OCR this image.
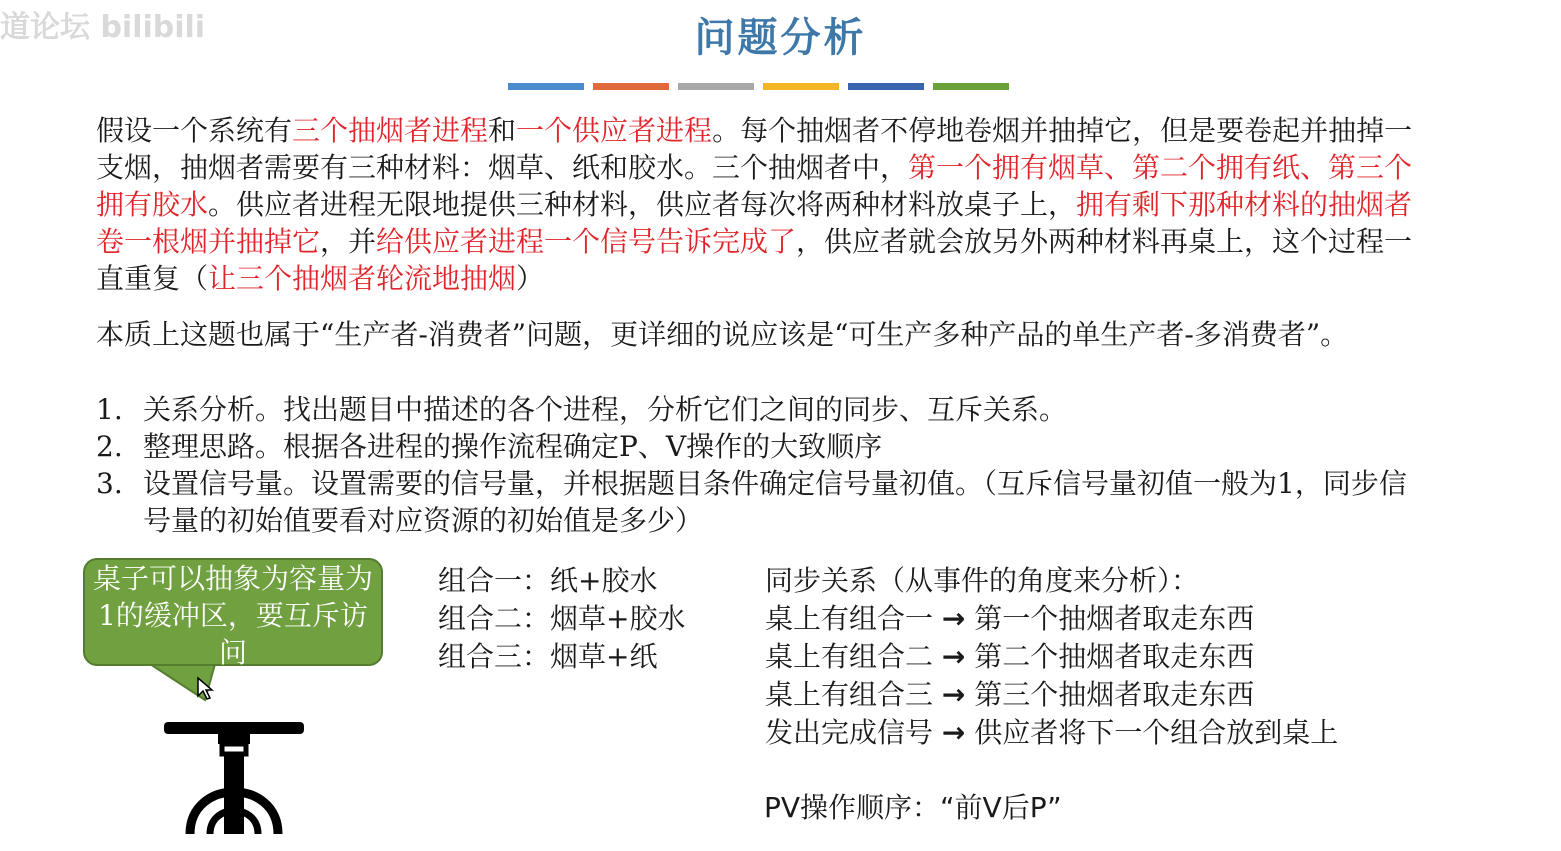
道论坛 bilibili	问题分析
假设一个系统有三个抽烟者进程和一个供应者进程。每个抽烟者不停地卷烟并抽掉它，但是要卷起并抽掉一支烟，抽烟者需要有三种材料：烟草、纸和胶水。三个抽烟者中，第一个拥有烟草、第二个拥有纸、第三个拥有胶水。供应者进程无限地提供三种材料，供应者每次将两种材料放桌子上，拥有剩下那种材料的抽烟者卷一根烟并抽掉它，并给供应者进程一个信号告诉完成了，供应者就会放另外两种材料再桌上，这个过程一直重复（让三个抽烟者轮流地抽烟）
本质上这题也属于“生产者-消费者”问题，更详细的说应该是“可生产多种产品的单生产者-多消费者”。
1. 关系分析。找出题目中描述的各个进程，分析它们之间的同步、互斥关系。
2. 整理思路。根据各进程的操作流程确定P、V操作的大致顺序
3. 设置信号量。设置需要的信号量，并根据题目条件确定信号量初值。（互斥信号量初值一般为1，同步信号量的初始值要看对应资源的初始值是多少）
桌子可以抽象为容量为1的缓冲区，要互斥访问
组合一：纸+胶水
组合二：烟草+胶水
组合三：烟草+纸
同步关系（从事件的角度来分析）：
桌上有组合一 → 第一个抽烟者取走东西
桌上有组合二 → 第二个抽烟者取走东西
桌上有组合三 → 第三个抽烟者取走东西
发出完成信号 → 供应者将下一个组合放到桌上
PV操作顺序：“前V后P”
